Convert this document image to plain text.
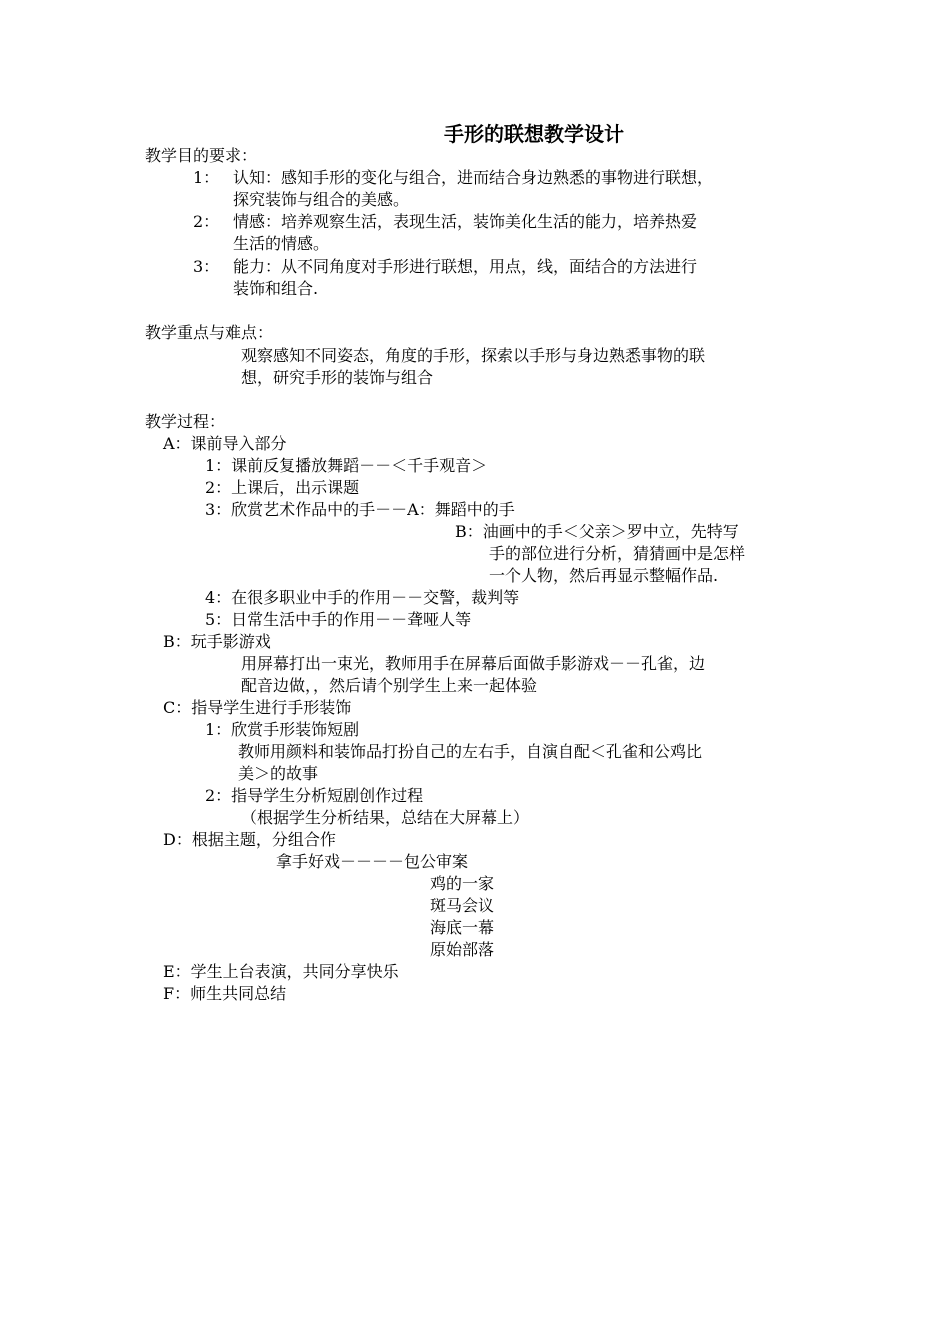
手形的联想教学设计
教学目的要求：
1： 认知：感知手形的变化与组合，进而结合身边熟悉的事物进行联想，
探究装饰与组合的美感。
2： 情感：培养观察生活，表现生活，装饰美化生活的能力，培养热爱
生活的情感。
3： 能力：从不同角度对手形进行联想，用点，线，面结合的方法进行
装饰和组合.
教学重点与难点：
观察感知不同姿态，角度的手形，探索以手形与身边熟悉事物的联
想，研究手形的装饰与组合
教学过程：
A：课前导入部分
1：课前反复播放舞蹈－－＜千手观音＞
2：上课后，出示课题
3：欣赏艺术作品中的手－－A：舞蹈中的手
B：油画中的手＜父亲＞罗中立，先特写
手的部位进行分析，猜猜画中是怎样
一个人物，然后再显示整幅作品.
4：在很多职业中手的作用－－交警，裁判等
5：日常生活中手的作用－－聋哑人等
B：玩手影游戏
用屏幕打出一束光，教师用手在屏幕后面做手影游戏－－孔雀，边
配音边做，，然后请个别学生上来一起体验
C：指导学生进行手形装饰
1：欣赏手形装饰短剧
教师用颜料和装饰品打扮自己的左右手，自演自配＜孔雀和公鸡比
美＞的故事
2：指导学生分析短剧创作过程
（根据学生分析结果，总结在大屏幕上）
D：根据主题，分组合作
拿手好戏－－－－包公审案
鸡的一家
斑马会议
海底一幕
原始部落
E：学生上台表演，共同分享快乐
F：师生共同总结
